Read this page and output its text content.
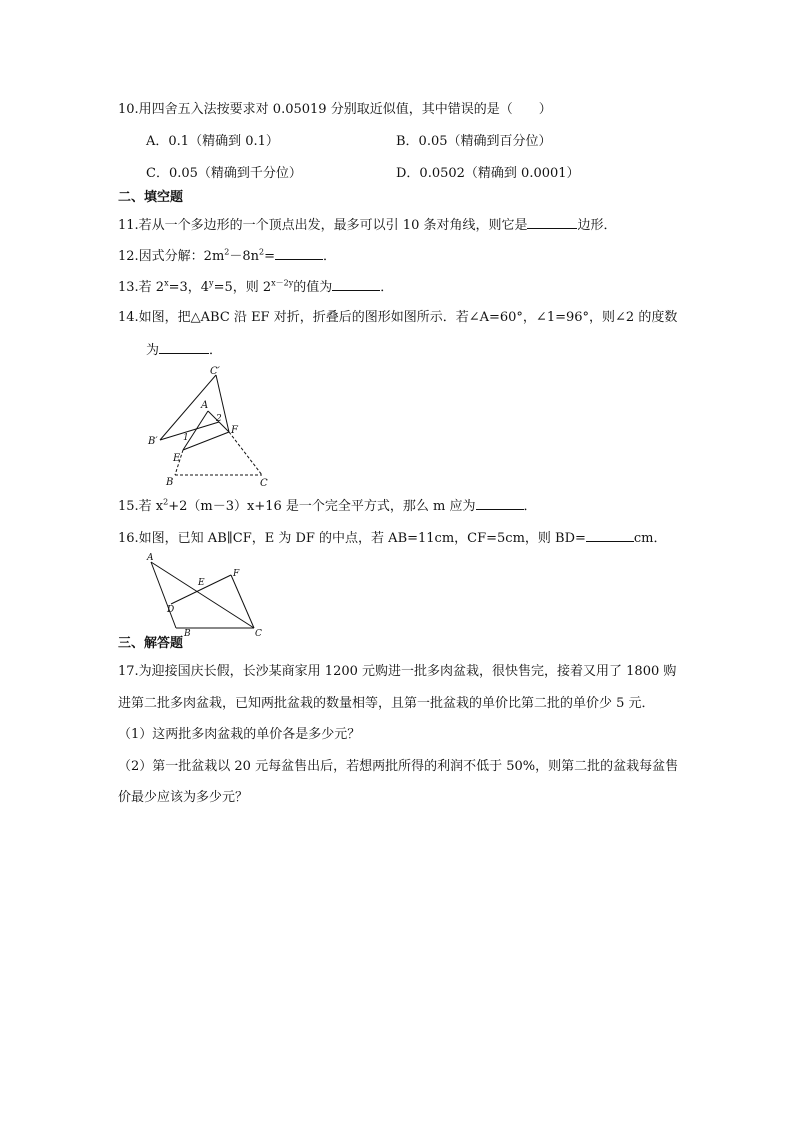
10.用四舍五入法按要求对 0.05019 分别取近似值，其中错误的是（　　）
A．0.1（精确到 0.1）	B．0.05（精确到百分位）
C．0.05（精确到千分位）	D．0.0502（精确到 0.0001）
二、填空题
11.若从一个多边形的一个顶点出发，最多可以引 10 条对角线，则它是	边形．
12.因式分解：$2m^2-8n^2=$	．
13.若 $2^x=3$，$4^y=5$，则 $2^{x-2y}$的值为	．
14.如图，把△ABC 沿 EF 对折，折叠后的图形如图所示．若∠A=60°，∠1=96°，则∠2 的度数
为	．
C′
A
B′	1
2
F
E
B	C
15.若 $x^2+2(m-3)x+16$ 是一个完全平方式，那么 m 应为	．
16.如图，已知 AB∥CF，E 为 DF 的中点，若 AB=11cm，CF=5cm，则 BD=	cm．
A
E
F
D
B	C
三、解答题
17.为迎接国庆长假，长沙某商家用 1200 元购进一批多肉盆栽，很快售完，接着又用了 1800 购
进第二批多肉盆栽，已知两批盆栽的数量相等，且第一批盆栽的单价比第二批的单价少 5 元．
（1）这两批多肉盆栽的单价各是多少元？
（2）第一批盆栽以 20 元每盆售出后，若想两批所得的利润不低于 50%，则第二批的盆栽每盆售
价最少应该为多少元？
